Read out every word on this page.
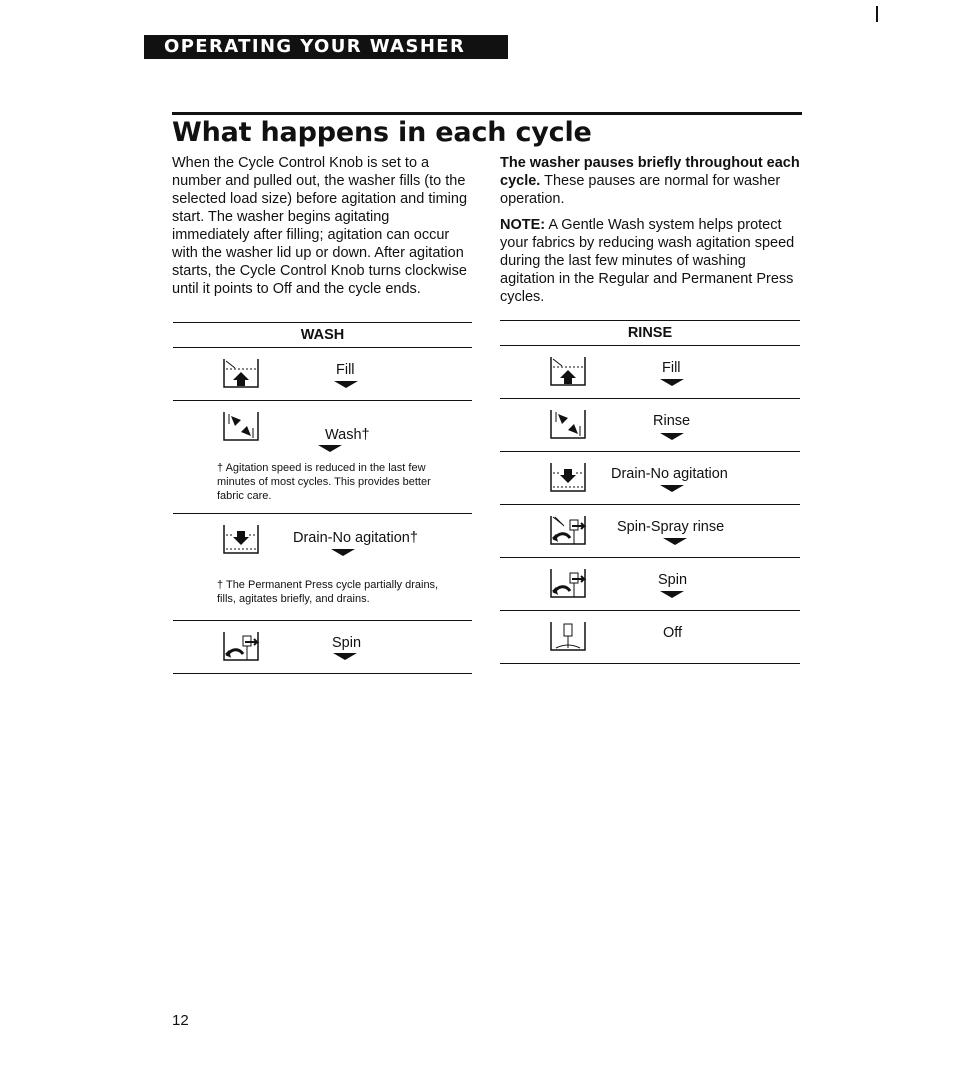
OPERATING YOUR WASHER
What happens in each cycle

When the Cycle Control Knob is set to a number and pulled out, the washer fills (to the selected load size) before agitation and timing start. The washer begins agitating immediately after filling; agitation can occur with the washer lid up or down. After agitation starts, the Cycle Control Knob turns clockwise until it points to Off and the cycle ends.

The washer pauses briefly throughout each cycle. These pauses are normal for washer operation.

NOTE: A Gentle Wash system helps protect your fabrics by reducing wash agitation speed during the last few minutes of washing agitation in the Regular and Permanent Press cycles.

WASH
Fill
Wash†
† Agitation speed is reduced in the last few minutes of most cycles. This provides better fabric care.
Drain-No agitation†
† The Permanent Press cycle partially drains, fills, agitates briefly, and drains.
Spin
RINSE
Fill
Rinse
Drain-No agitation
Spin-Spray rinse
Spin
Off
12
